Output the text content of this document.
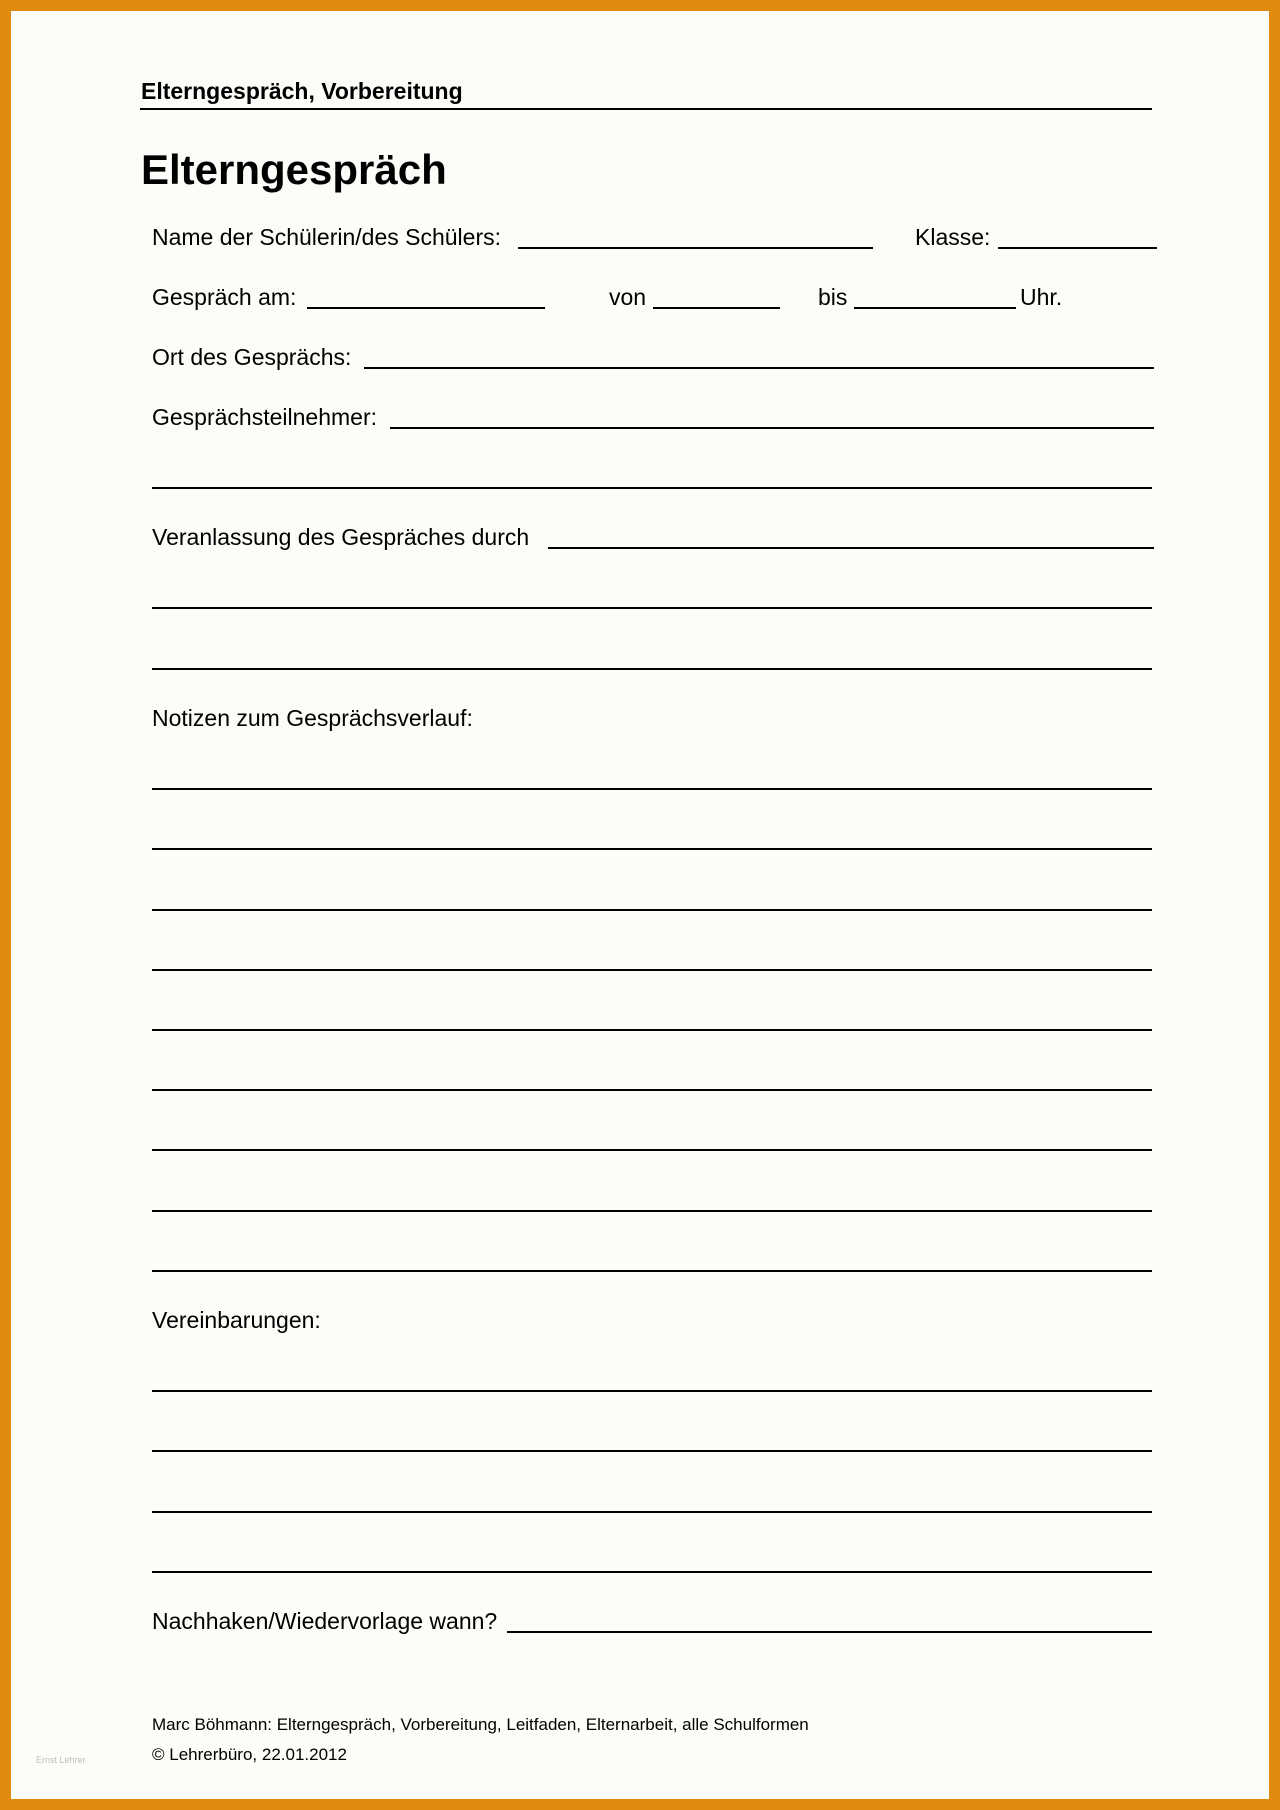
Elterngespräch, Vorbereitung
Elterngespräch
Name der Schülerin/des Schülers:	Klasse:
Gespräch am:	von	bis	Uhr.
Ort des Gesprächs:
Gesprächsteilnehmer:
Veranlassung des Gespräches durch
Notizen zum Gesprächsverlauf:
Vereinbarungen:
Nachhaken/Wiedervorlage wann?
Marc Böhmann: Elterngespräch, Vorbereitung, Leitfaden, Elternarbeit, alle Schulformen
© Lehrerbüro, 22.01.2012
Ernst Lehrer
